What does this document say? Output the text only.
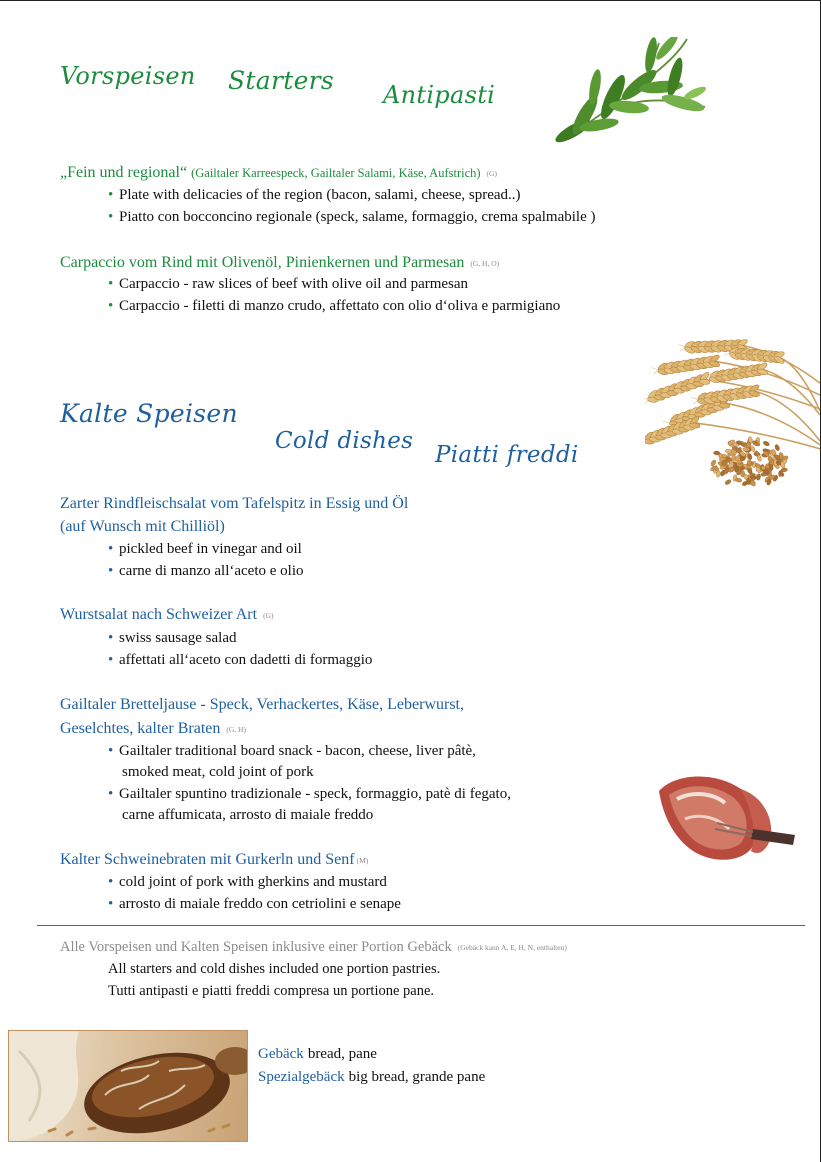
Vorspeisen Starters Antipasti
„Fein und regional“ (Gailtaler Karreespeck, Gailtaler Salami, Käse, Aufstrich) (G)
•Plate with delicacies of the region (bacon, salami, cheese, spread..)
•Piatto con bocconcino regionale (speck, salame, formaggio, crema spalmabile )
Carpaccio vom Rind mit Olivenöl, Pinienkernen und Parmesan (G, H, O)
•Carpaccio - raw slices of beef with olive oil and parmesan
•Carpaccio - filetti di manzo crudo, affettato con olio d‘oliva e parmigiano
Kalte Speisen
Cold dishes
Piatti freddi
Zarter Rindfleischsalat vom Tafelspitz in Essig und Öl
(auf Wunsch mit Chilliöl)
•pickled beef in vinegar and oil
•carne di manzo all‘aceto e olio
Wurstsalat nach Schweizer Art (G)
•swiss sausage salad
•affettati all‘aceto con dadetti di formaggio
Gailtaler Bretteljause - Speck, Verhackertes, Käse, Leberwurst,
Geselchtes, kalter Braten (G, H)
•Gailtaler traditional board snack - bacon, cheese, liver pâtè,
smoked meat, cold joint of pork
•Gailtaler spuntino tradizionale - speck, formaggio, patè di fegato,
carne affumicata, arrosto di maiale freddo
Kalter Schweinebraten mit Gurkerln und Senf (M)
•cold joint of pork with gherkins and mustard
•arrosto di maiale freddo con cetriolini e senape
Alle Vorspeisen und Kalten Speisen inklusive einer Portion Gebäck (Gebäck kann A, E, H, N, enthalten)
All starters and cold dishes included one portion pastries.
Tutti antipasti e piatti freddi compresa un portione pane.
Gebäck bread, pane
Spezialgebäck big bread, grande pane
